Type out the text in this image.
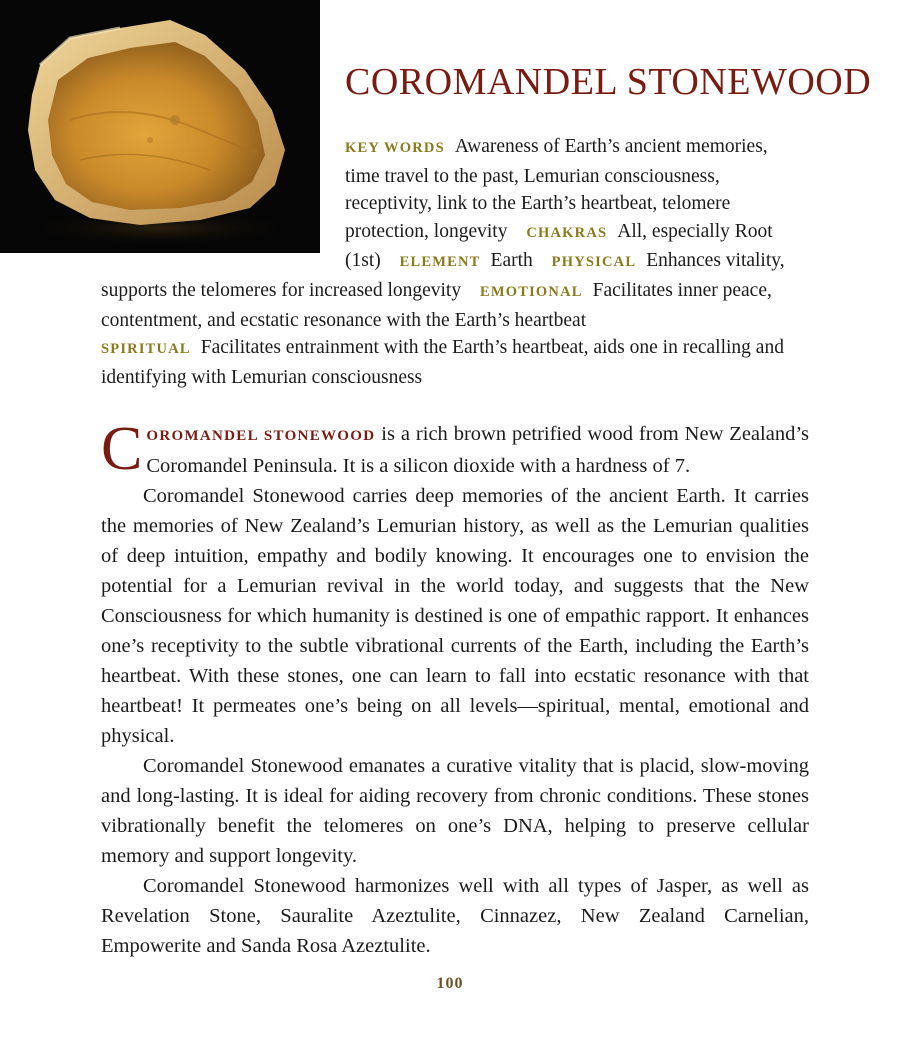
COROMANDEL STONEWOOD
KEY WORDS Awareness of Earth’s ancient memories, time travel to the past, Lemurian consciousness, receptivity, link to the Earth’s heartbeat, telomere protection, longevity CHAKRAS All, especially Root (1st) ELEMENT Earth PHYSICAL Enhances vitality, supports the telomeres for increased longevity EMOTIONAL Facilitates inner peace, contentment, and ecstatic resonance with the Earth’s heartbeat
SPIRITUAL Facilitates entrainment with the Earth’s heartbeat, aids one in recalling and identifying with Lemurian consciousness

COROMANDEL STONEWOOD is a rich brown petrified wood from New Zealand’s Coromandel Peninsula. It is a silicon dioxide with a hardness of 7.

Coromandel Stonewood carries deep memories of the ancient Earth. It carries the memories of New Zealand’s Lemurian history, as well as the Lemurian qualities of deep intuition, empathy and bodily knowing. It encourages one to envision the potential for a Lemurian revival in the world today, and suggests that the New Consciousness for which humanity is destined is one of empathic rapport. It enhances one’s receptivity to the subtle vibrational currents of the Earth, including the Earth’s heartbeat. With these stones, one can learn to fall into ecstatic resonance with that heartbeat! It permeates one’s being on all levels—spiritual, mental, emotional and physical.

Coromandel Stonewood emanates a curative vitality that is placid, slow-moving and long-lasting. It is ideal for aiding recovery from chronic conditions. These stones vibrationally benefit the telomeres on one’s DNA, helping to preserve cellular memory and support longevity.

Coromandel Stonewood harmonizes well with all types of Jasper, as well as Revelation Stone, Sauralite Azeztulite, Cinnazez, New Zealand Carnelian, Empowerite and Sanda Rosa Azeztulite.

100
